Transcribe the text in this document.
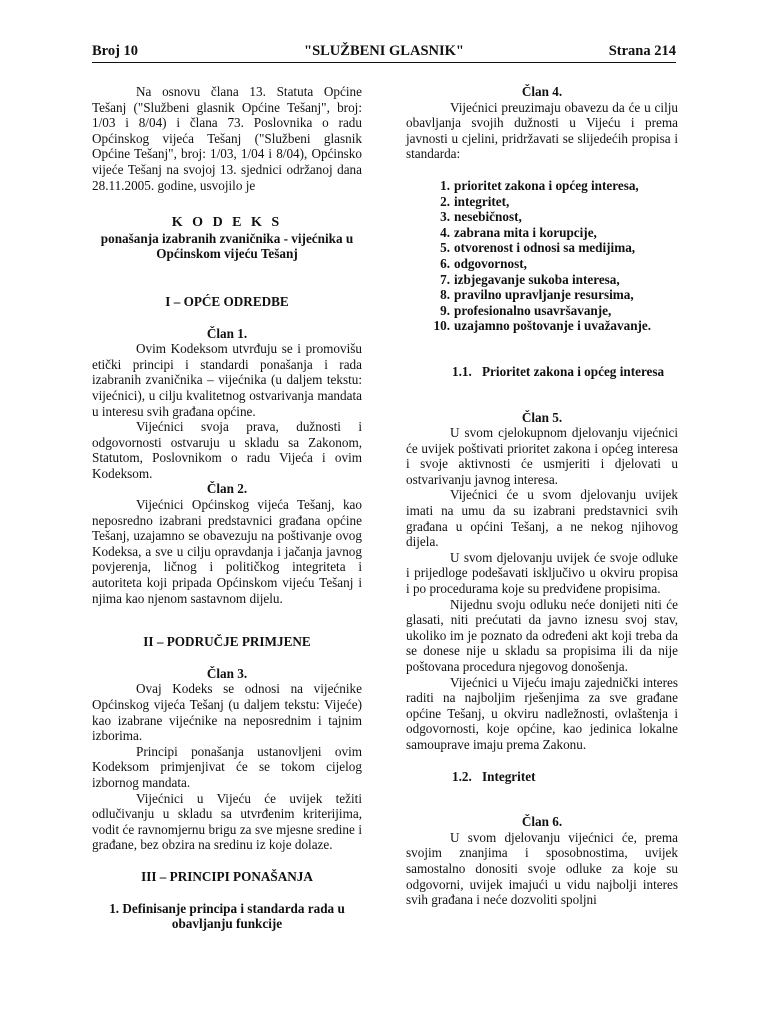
Broj 10	"SLUŽBENI GLASNIK"	Strana 214

Na osnovu člana 13. Statuta Općine Tešanj ("Službeni glasnik Općine Tešanj", broj: 1/03 i 8/04) i člana 73. Poslovnika o radu Općinskog vijeća Tešanj ("Službeni glasnik Općine Tešanj", broj: 1/03, 1/04 i 8/04), Općinsko vijeće Tešanj na svojoj 13. sjednici održanoj dana 28.11.2005. godine, usvojilo je

K O D E K S
ponašanja izabranih zvaničnika - vijećnika u Općinskom vijeću Tešanj
I – OPĆE ODREDBE
Član 1.

Ovim Kodeksom utvrđuju se i promovišu etički principi i standardi ponašanja i rada izabranih zvaničnika – vijećnika (u daljem tekstu: vijećnici), u cilju kvalitetnog ostvarivanja mandata u interesu svih građana općine.

Vijećnici svoja prava, dužnosti i odgovornosti ostvaruju u skladu sa Zakonom, Statutom, Poslovnikom o radu Vijeća i ovim Kodeksom.

Član 2.

Vijećnici Općinskog vijeća Tešanj, kao neposredno izabrani predstavnici građana općine Tešanj, uzajamno se obavezuju na poštivanje ovog Kodeksa, a sve u cilju opravdanja i jačanja javnog povjerenja, ličnog i političkog integriteta i autoriteta koji pripada Općinskom vijeću Tešanj i njima kao njenom sastavnom dijelu.

II – PODRUČJE PRIMJENE
Član 3.

Ovaj Kodeks se odnosi na vijećnike Općinskog vijeća Tešanj (u daljem tekstu: Vijeće) kao izabrane vijećnike na neposrednim i tajnim izborima.

Principi ponašanja ustanovljeni ovim Kodeksom primjenjivat će se tokom cijelog izbornog mandata.

Vijećnici u Vijeću će uvijek težiti odlučivanju u skladu sa utvrđenim kriterijima, vodit će ravnomjernu brigu za sve mjesne sredine i građane, bez obzira na sredinu iz koje dolaze.

III – PRINCIPI PONAŠANJA
1. Definisanje principa i standarda rada u obavljanju funkcije
Član 4.

Vijećnici preuzimaju obavezu da će u cilju obavljanja svojih dužnosti u Vijeću i prema javnosti u cjelini, pridržavati se slijedećih propisa i standarda:

1. prioritet zakona i općeg interesa,
2. integritet,
3. nesebičnost,
4. zabrana mita i korupcije,
5. otvorenost i odnosi sa medijima,
6. odgovornost,
7. izbjegavanje sukoba interesa,
8. pravilno upravljanje resursima,
9. profesionalno usavršavanje,
10. uzajamno poštovanje i uvažavanje.
1.1. Prioritet zakona i općeg interesa
Član 5.

U svom cjelokupnom djelovanju vijećnici će uvijek poštivati prioritet zakona i općeg interesa i svoje aktivnosti će usmjeriti i djelovati u ostvarivanju javnog interesa.

Vijećnici će u svom djelovanju uvijek imati na umu da su izabrani predstavnici svih građana u općini Tešanj, a ne nekog njihovog dijela.

U svom djelovanju uvijek će svoje odluke i prijedloge podešavati isključivo u okviru propisa i po procedurama koje su predviđene propisima.

Nijednu svoju odluku neće donijeti niti će glasati, niti prećutati da javno iznesu svoj stav, ukoliko im je poznato da određeni akt koji treba da se donese nije u skladu sa propisima ili da nije poštovana procedura njegovog donošenja.

Vijećnici u Vijeću imaju zajednički interes raditi na najboljim rješenjima za sve građane općine Tešanj, u okviru nadležnosti, ovlaštenja i odgovornosti, koje općine, kao jedinica lokalne samouprave imaju prema Zakonu.

1.2. Integritet
Član 6.

U svom djelovanju vijećnici će, prema svojim znanjima i sposobnostima, uvijek samostalno donositi svoje odluke za koje su odgovorni, uvijek imajući u vidu najbolji interes svih građana i neće dozvoliti spoljni
